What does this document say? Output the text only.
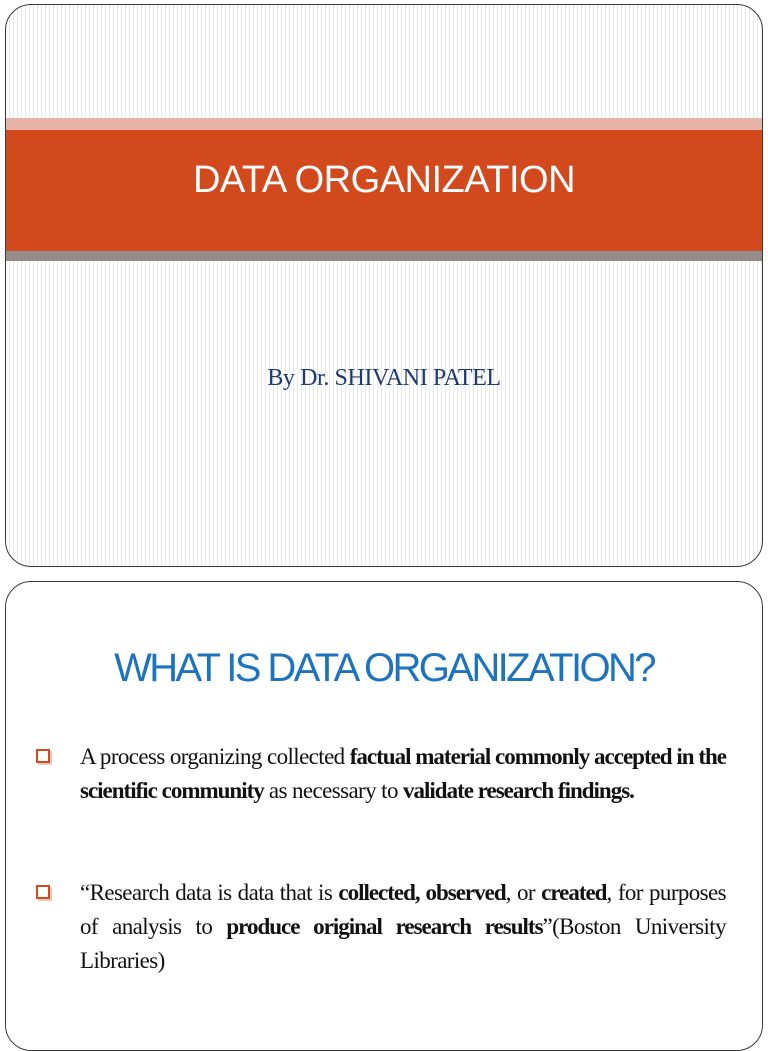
DATA ORGANIZATION
By Dr. SHIVANI PATEL
WHAT IS DATA ORGANIZATION?

A process organizing collected factual material commonly accepted in the scientific community as necessary to validate research findings.

“Research data is data that is collected, observed, or created, for purposes of analysis to produce original research results”(Boston University Libraries)
